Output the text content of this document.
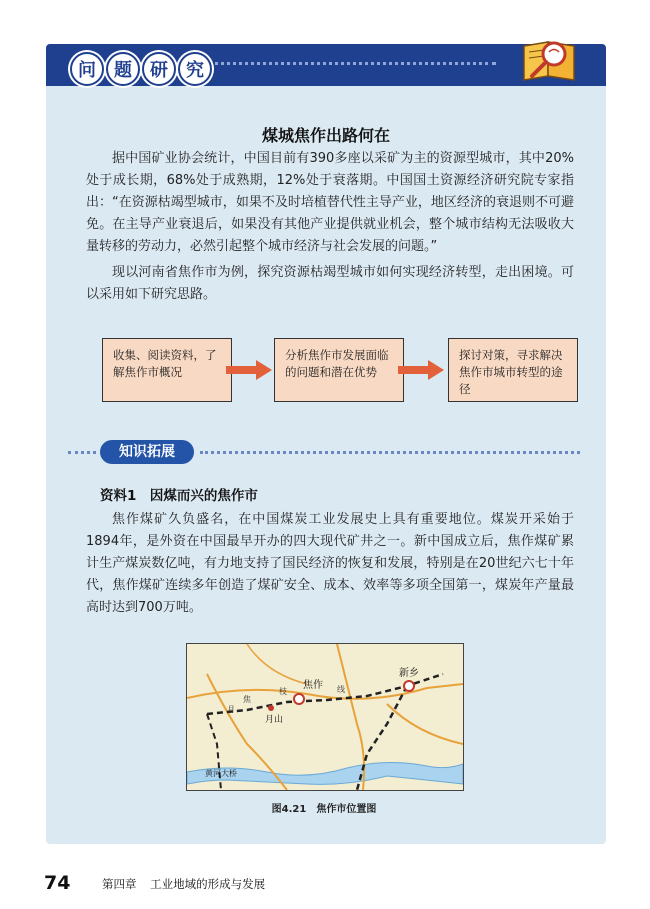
问	题	研	究
煤城焦作出路何在

据中国矿业协会统计，中国目前有390多座以采矿为主的资源型城市，其中20%处于成长期，68%处于成熟期，12%处于衰落期。中国国土资源经济研究院专家指出：“在资源枯竭型城市，如果不及时培植替代性主导产业，地区经济的衰退则不可避免。在主导产业衰退后，如果没有其他产业提供就业机会，整个城市结构无法吸收大量转移的劳动力，必然引起整个城市经济与社会发展的问题。”

现以河南省焦作市为例，探究资源枯竭型城市如何实现经济转型，走出困境。可以采用如下研究思路。

收集、阅读资料，了解焦作市概况
分析焦作市发展面临的问题和潜在优势
探讨对策，寻求解决焦作市城市转型的途径
知识拓展
资料1　因煤而兴的焦作市

焦作煤矿久负盛名，在中国煤炭工业发展史上具有重要地位。煤炭开采始于1894年，是外资在中国最早开办的四大现代矿井之一。新中国成立后，焦作煤矿累计生产煤炭数亿吨，有力地支持了国民经济的恢复和发展，特别是在20世纪六七十年代，焦作煤矿连续多年创造了煤矿安全、成本、效率等多项全国第一，煤炭年产量最高时达到700万吨。

焦作
新乡
月山
黄河大桥
焦
枝
月
线
图4.21　焦作市位置图
74	第四章 工业地域的形成与发展
